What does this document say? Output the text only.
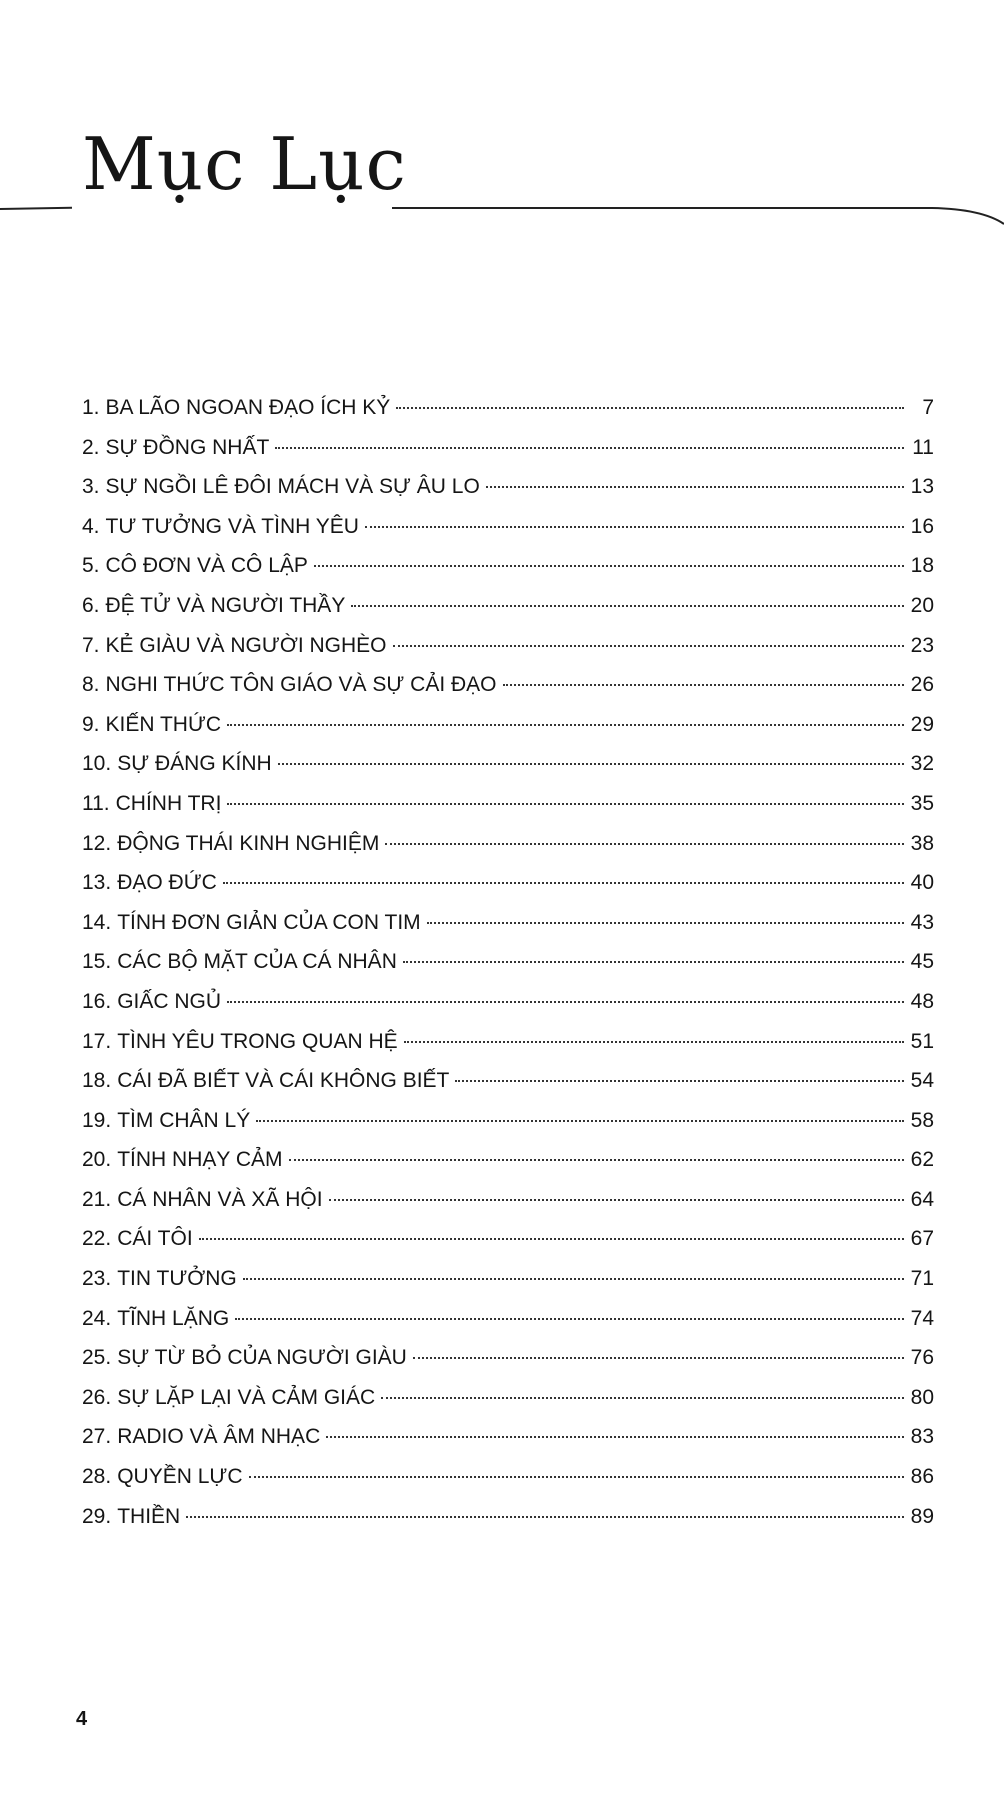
Mục Lục
1. BA LÃO NGOAN ĐẠO ÍCH KỶ	7
2. SỰ ĐỒNG NHẤT	11
3. SỰ NGỒI LÊ ĐÔI MÁCH VÀ SỰ ÂU LO	13
4. TƯ TƯỞNG VÀ TÌNH YÊU	16
5. CÔ ĐƠN VÀ CÔ LẬP	18
6. ĐỆ TỬ VÀ NGƯỜI THẦY	20
7. KẺ GIÀU VÀ NGƯỜI NGHÈO	23
8. NGHI THỨC TÔN GIÁO VÀ SỰ CẢI ĐẠO	26
9. KIẾN THỨC	29
10. SỰ ĐÁNG KÍNH	32
11. CHÍNH TRỊ	35
12. ĐỘNG THÁI KINH NGHIỆM	38
13. ĐẠO ĐỨC	40
14. TÍNH ĐƠN GIẢN CỦA CON TIM	43
15. CÁC BỘ MẶT CỦA CÁ NHÂN	45
16. GIẤC NGỦ	48
17. TÌNH YÊU TRONG QUAN HỆ	51
18. CÁI ĐÃ BIẾT VÀ CÁI KHÔNG BIẾT	54
19. TÌM CHÂN LÝ	58
20. TÍNH NHẠY CẢM	62
21. CÁ NHÂN VÀ XÃ HỘI	64
22. CÁI TÔI	67
23. TIN TƯỞNG	71
24. TĨNH LẶNG	74
25. SỰ TỪ BỎ CỦA NGƯỜI GIÀU	76
26. SỰ LẶP LẠI VÀ CẢM GIÁC	80
27. RADIO VÀ ÂM NHẠC	83
28. QUYỀN LỰC	86
29. THIỀN	89
4
